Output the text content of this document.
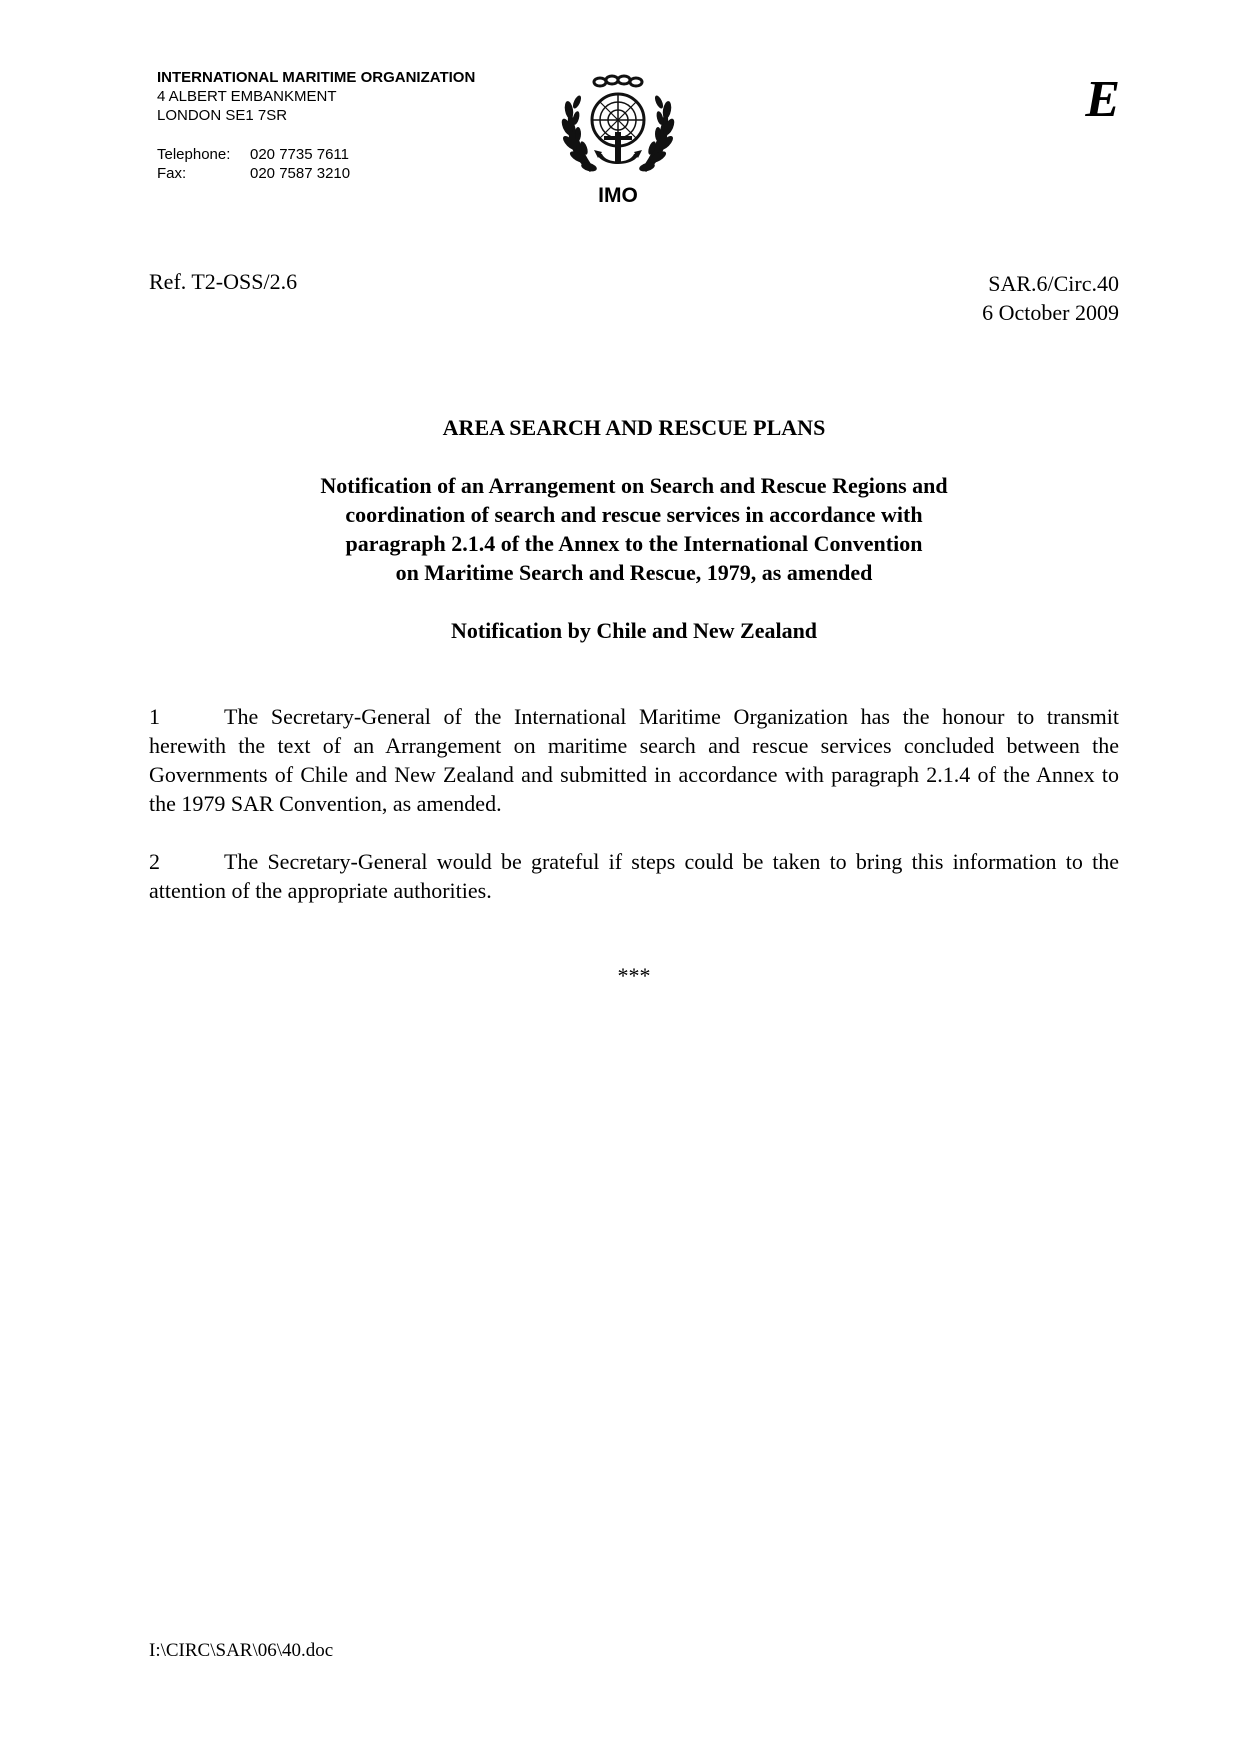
INTERNATIONAL MARITIME ORGANIZATION
4 ALBERT EMBANKMENT
LONDON SE1 7SR
Telephone:	020 7735 7611
Fax:	020 7587 3210
IMO
E
Ref. T2-OSS/2.6	SAR.6/Circ.40
6 October 2009
AREA SEARCH AND RESCUE PLANS
Notification of an Arrangement on Search and Rescue Regions and
coordination of search and rescue services in accordance with
paragraph 2.1.4 of the Annex to the International Convention
on Maritime Search and Rescue, 1979, as amended
Notification by Chile and New Zealand
1	The Secretary-General of the International Maritime Organization has the honour to transmit herewith the text of an Arrangement on maritime search and rescue services concluded between the Governments of Chile and New Zealand and submitted in accordance with paragraph 2.1.4 of the Annex to the 1979 SAR Convention, as amended.
2	The Secretary-General would be grateful if steps could be taken to bring this information to the attention of the appropriate authorities.
***
I:\CIRC\SAR\06\40.doc
